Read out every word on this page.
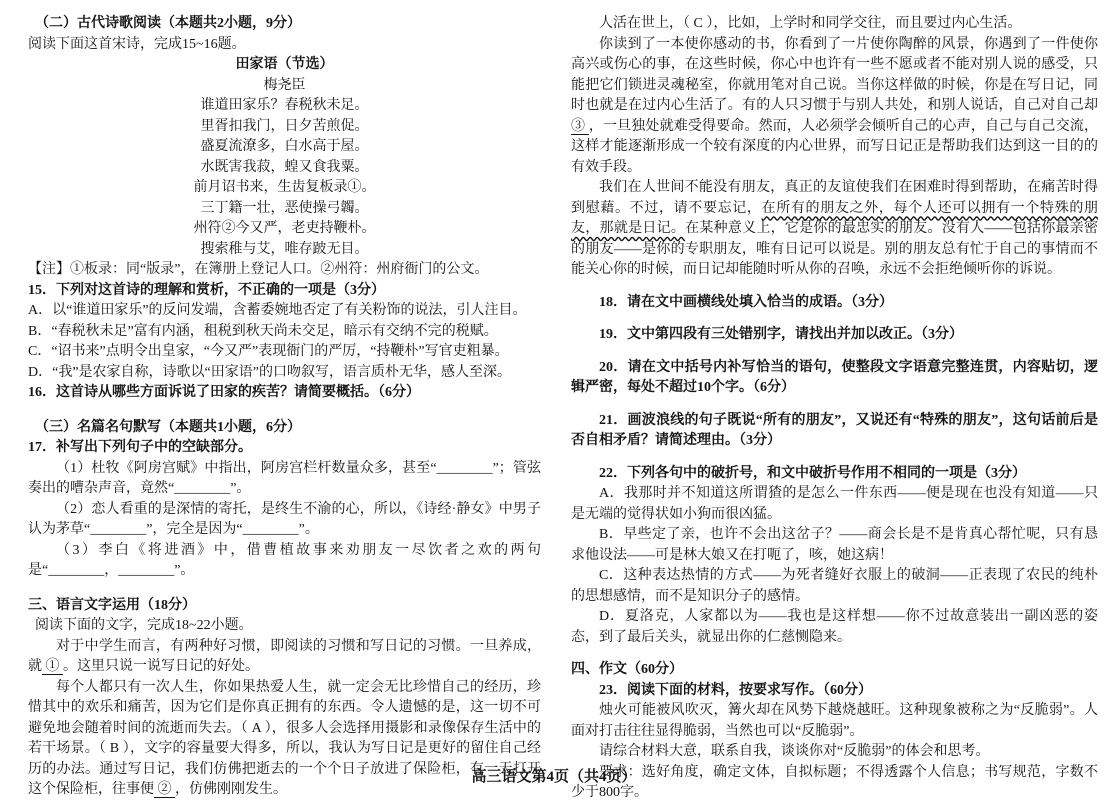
（二）古代诗歌阅读（本题共2小题，9分）

阅读下面这首宋诗，完成15~16题。

田家语（节选）

梅尧臣

谁道田家乐？春税秋未足。

里胥扣我门，日夕苦煎促。

盛夏流潦多，白水高于屋。

水既害我菽，蝗又食我粟。

前月诏书来，生齿复板录①。

三丁籍一壮，恶使操弓韣。

州符②今又严，老吏持鞭朴。

搜索稚与艾，唯存跛无目。

【注】①板录：同“版录”，在簿册上登记人口。②州符：州府衙门的公文。

15．下列对这首诗的理解和赏析，不正确的一项是（3分）

A．以“谁道田家乐”的反问发端，含蓄委婉地否定了有关粉饰的说法，引人注目。

B．“春税秋未足”富有内涵，租税到秋天尚未交足，暗示有交纳不完的税赋。

C．“诏书来”点明令出皇家，“今又严”表现衙门的严厉，“持鞭朴”写官吏粗暴。

D．“我”是农家自称，诗歌以“田家语”的口吻叙写，语言质朴无华，感人至深。

16．这首诗从哪些方面诉说了田家的疾苦？请简要概括。（6分）

（三）名篇名句默写（本题共1小题，6分）

17．补写出下列句子中的空缺部分。

（1）杜牧《阿房宫赋》中指出，阿房宫栏杆数量众多，甚至“________”；管弦奏出的嘈杂声音，竟然“________”。

（2）恋人看重的是深情的寄托，是终生不渝的心，所以，《诗经·静女》中男子认为茅草“________”，完全是因为“________”。

（3）李白《将进酒》中，借曹植故事来劝朋友一尽饮者之欢的两句是“________，________”。

三、语言文字运用（18分）

阅读下面的文字，完成18~22小题。

对于中学生而言，有两种好习惯，即阅读的习惯和写日记的习惯。一旦养成，就 ① 。这里只说一说写日记的好处。

每个人都只有一次人生，你如果热爱人生，就一定会无比珍惜自己的经历，珍惜其中的欢乐和痛苦，因为它们是你真正拥有的东西。令人遗憾的是，这一切不可避免地会随着时间的流逝而失去。（ A ），很多人会选择用摄影和录像保存生活中的若干场景。（ B ），文字的容量要大得多，所以，我认为写日记是更好的留住自己经历的办法。通过写日记，我们仿佛把逝去的一个个日子放进了保险柜，有一天打开这个保险柜，往事便 ② ，仿佛刚刚发生。

人活在世上，（ C ），比如，上学时和同学交往，而且要过内心生活。

你读到了一本使你感动的书，你看到了一片使你陶醉的风景，你遇到了一件使你高兴或伤心的事，在这些时候，你心中也许有一些不愿或者不能对别人说的感受，只能把它们锁进灵魂秘室，你就用笔对自己说。当你这样做的时候，你是在写日记，同时也就是在过内心生活了。有的人只习惯于与别人共处，和别人说话，自己对自己却 ③ ，一旦独处就难受得要命。然而，人必须学会倾听自己的心声，自己与自己交流，这样才能逐渐形成一个较有深度的内心世界，而写日记正是帮助我们达到这一目的的有效手段。

我们在人世间不能没有朋友，真正的友谊使我们在困难时得到帮助，在痛苦时得到慰藉。不过，请不要忘记，在所有的朋友之外，每个人还可以拥有一个特殊的朋友，那就是日记。在某种意义上，它是你的最忠实的朋友。没有人——包括你最亲密的朋友——是你的专职朋友，唯有日记可以说是。别的朋友总有忙于自己的事情而不能关心你的时候，而日记却能随时听从你的召唤，永远不会拒绝倾听你的诉说。

18．请在文中画横线处填入恰当的成语。（3分）

19．文中第四段有三处错别字，请找出并加以改正。（3分）

20．请在文中括号内补写恰当的语句，使整段文字语意完整连贯，内容贴切，逻辑严密，每处不超过10个字。（6分）

21．画波浪线的句子既说“所有的朋友”，又说还有“特殊的朋友”，这句话前后是否自相矛盾？请简述理由。（3分）

22．下列各句中的破折号，和文中破折号作用不相同的一项是（3分）

A．我那时并不知道这所谓猹的是怎么一件东西——便是现在也没有知道——只是无端的觉得状如小狗而很凶猛。

B．早些定了亲，也许不会出这岔子？——商会长是不是肯真心帮忙呢，只有恳求他设法——可是林大娘又在打呃了，咳，她这病！

C．这种表达热情的方式——为死者缝好衣服上的破洞——正表现了农民的纯朴的思想感情，而不是知识分子的感情。

D．夏洛克，人家都以为——我也是这样想——你不过故意装出一副凶恶的姿态，到了最后关头，就显出你的仁慈恻隐来。

四、作文（60分）

23．阅读下面的材料，按要求写作。（60分）

烛火可能被风吹灭，篝火却在风势下越烧越旺。这种现象被称之为“反脆弱”。人面对打击往往显得脆弱，当然也可以“反脆弱”。

请综合材料大意，联系自我，谈谈你对“反脆弱”的体会和思考。

要求：选好角度，确定文体，自拟标题；不得透露个人信息；书写规范，字数不少于800字。

高三语文第4页（共4页）
